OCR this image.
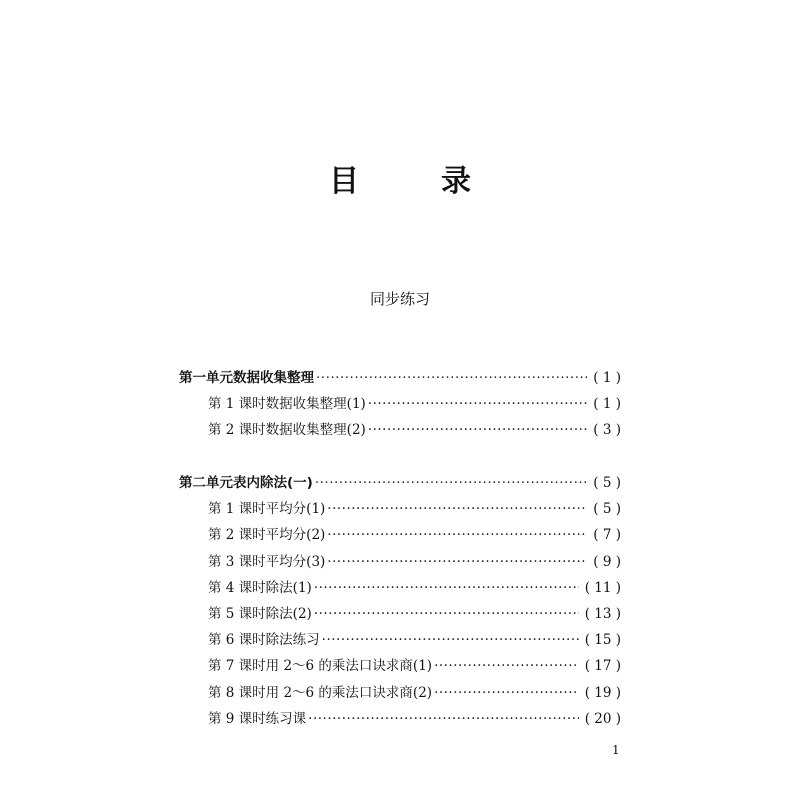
目　录
同步练习
第一单元 数据收集整理 ·····	( 1 )
第 1 课时 数据收集整理(1) ·····	( 1 )
第 2 课时 数据收集整理(2) ·····	( 3 )
第二单元 表内除法(一) ·····	( 5 )
第 1 课时 平均分(1) ·····	( 5 )
第 2 课时 平均分(2) ·····	( 7 )
第 3 课时 平均分(3) ·····	( 9 )
第 4 课时 除法(1) ·····	( 11 )
第 5 课时 除法(2) ·····	( 13 )
第 6 课时 除法练习 ·····	( 15 )
第 7 课时 用 2～6 的乘法口诀求商(1) ·····	( 17 )
第 8 课时 用 2～6 的乘法口诀求商(2) ·····	( 19 )
第 9 课时 练习课 ·····	( 20 )
1
